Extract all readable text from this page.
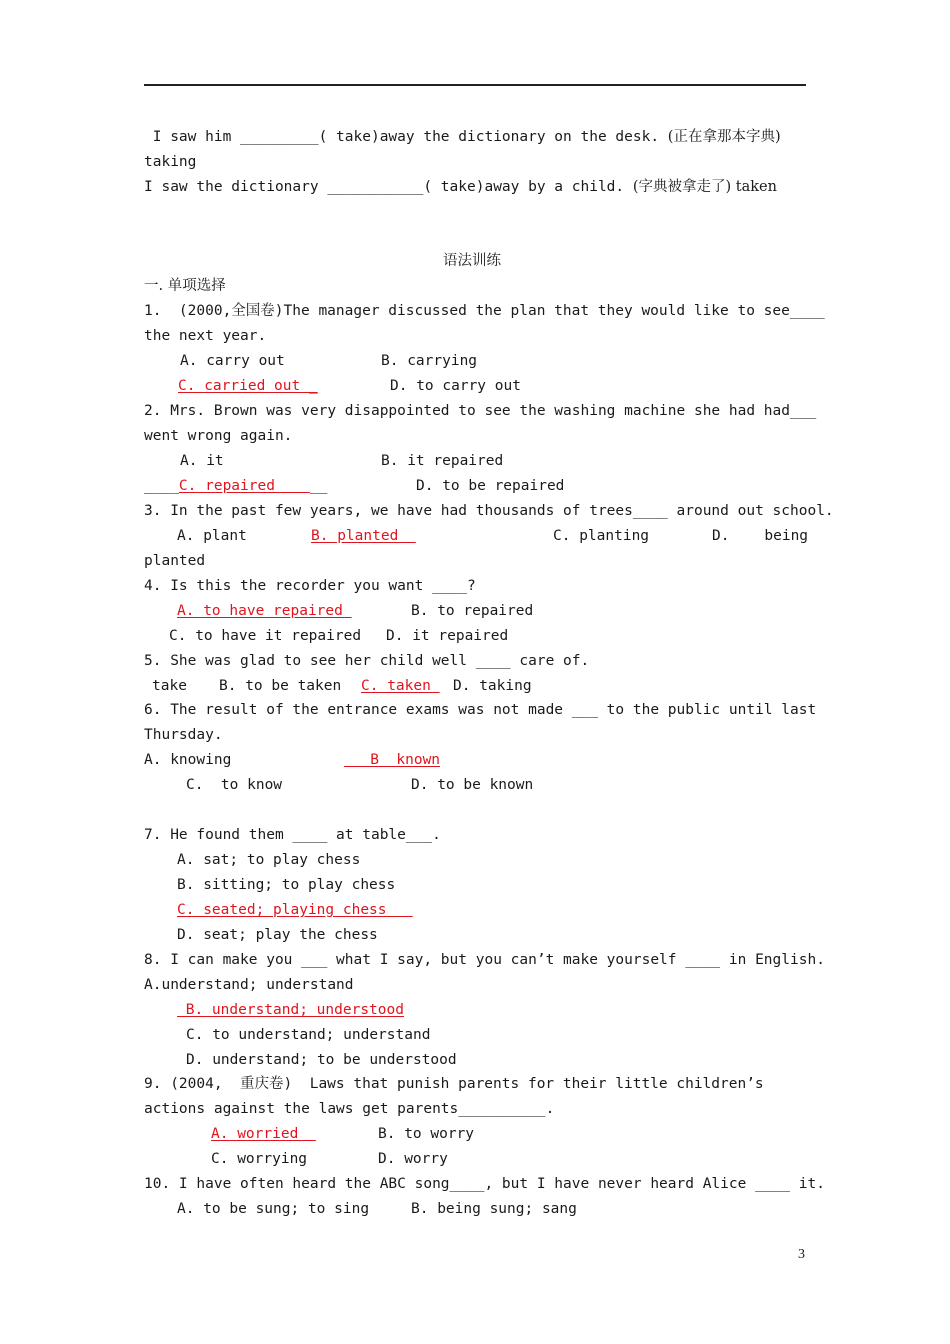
I saw him _________( take)away the dictionary on the desk. (正在拿那本字典)
taking
I saw the dictionary ___________( take)away by a child. (字典被拿走了) taken
语法训练
一. 单项选择
1.  (2000,全国卷)The manager discussed the plan that they would like to see____
the next year.
A. carry out	B. carrying
C. carried out _	D. to carry out
2. Mrs. Brown was very disappointed to see the washing machine she had had___
went wrong again.
A. it	B. it repaired
____C. repaired    __	D. to be repaired
3. In the past few years, we have had thousands of trees____ around out school.
A. plant	B. planted	C. planting	D.    being
planted
4. Is this the recorder you want ____?
A. to have repaired	B. to repaired
C. to have it repaired D. it repaired
5. She was glad to see her child well ____ care of.
take B. to be taken C. taken D. taking
6. The result of the entrance exams was not made ___ to the public until last
Thursday.
A. knowing	B  known
C.  to know	D. to be known
7. He found them ____ at table___.
A. sat; to play chess
B. sitting; to play chess
C. seated; playing chess
D. seat; play the chess
8. I can make you ___ what I say, but you can’t make yourself ____ in English.
A.understand; understand
B. understand; understood
C. to understand; understand
D. understand; to be understood
9. (2004,  重庆卷)  Laws that punish parents for their little children’s
actions against the laws get parents__________.
A. worried	B. to worry
C. worrying	D. worry
10. I have often heard the ABC song____, but I have never heard Alice ____ it.
A. to be sung; to sing	B. being sung; sang
3
